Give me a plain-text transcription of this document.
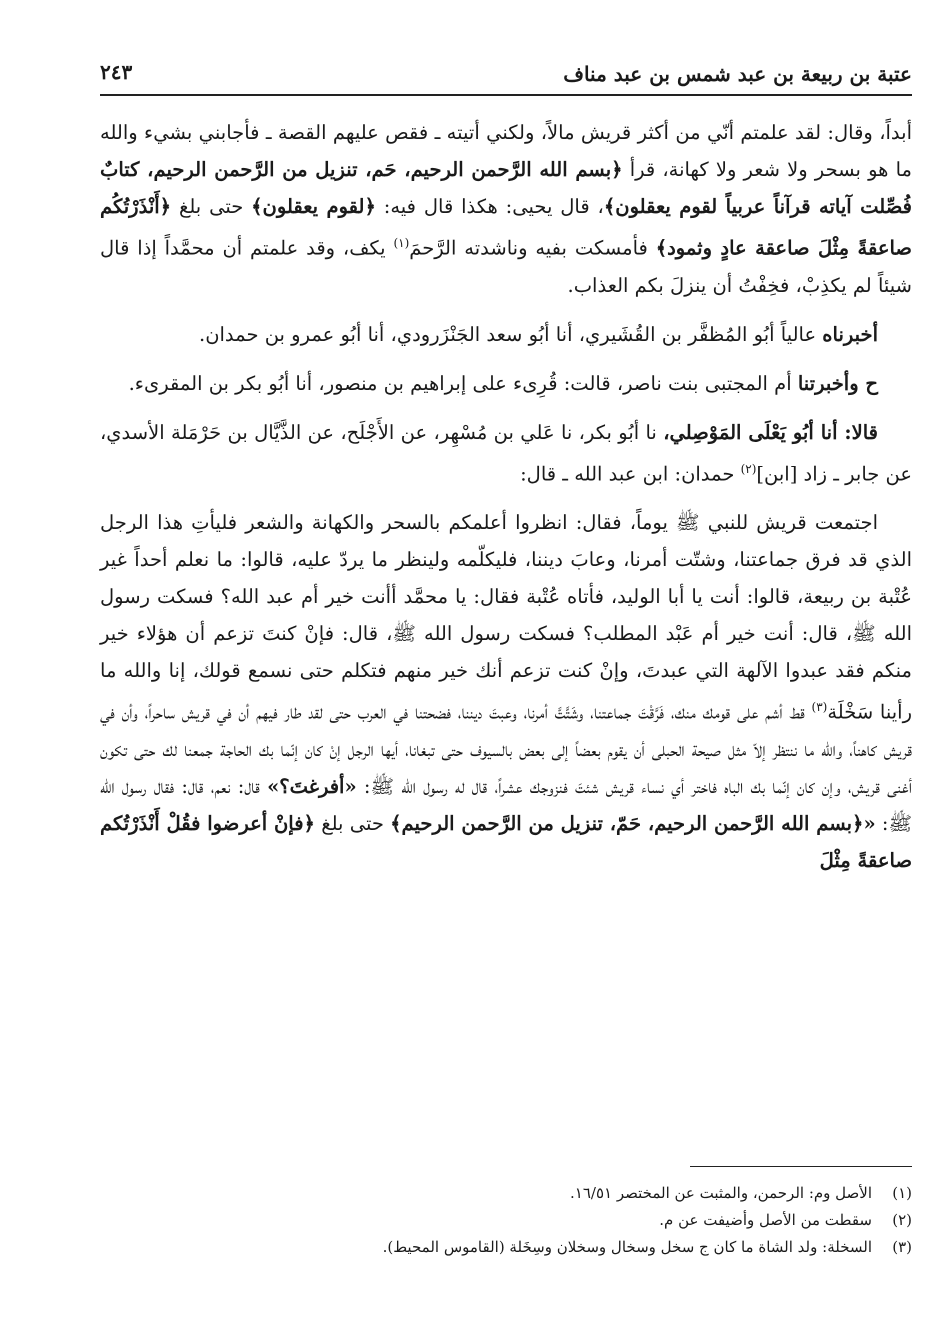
عتبة بن ربيعة بن عبد شمس بن عبد مناف
٢٤٣

أبداً، وقال: لقد علمتم أنّي من أكثر قريش مالاً، ولكني أتيته ـ فقص عليهم القصة ـ فأجابني بشيء والله ما هو بسحر ولا شعر ولا كهانة، قرأ ﴿بسم الله الرَّحمن الرحيم، حَم، تنزيل من الرَّحمن الرحيم، كتابٌ فُصِّلت آياته قرآناً عربياً لقوم يعقلون﴾، قال يحيى: هكذا قال فيه: ﴿لقوم يعقلون﴾ حتى بلغ ﴿أَنْذَرْتُكُم صاعقةً مِثْلَ صاعقة عادٍ وثمود﴾ فأمسكت بفيه وناشدته الرَّحمَ$^{(١)}$ يكف، وقد علمتم أن محمَّداً إذا قال شيئاً لم يكذِبْ، فخِفْتُ أن ينزلَ بكم العذاب.

أخبرناه عالياً أبُو المُظفَّر بن القُشَيري، أنا أبُو سعد الجَنْزَرودي، أنا أبُو عمرو بن حمدان.

ح وأخبرتنا أم المجتبى بنت ناصر، قالت: قُرِىء على إبراهيم بن منصور، أنا أبُو بكر بن المقرىء.

قالا: أنا أبُو يَعْلَى المَوْصِلي، نا أبُو بكر، نا عَلي بن مُسْهِر، عن الأَجْلَح، عن الذَّيَّال بن حَرْمَلة الأسدي، عن جابر ـ زاد [ابن]$^{(٢)}$ حمدان: ابن عبد الله ـ قال:

اجتمعت قريش للنبي ﷺ يوماً، فقال: انظروا أعلمكم بالسحر والكهانة والشعر فليأتِ هذا الرجل الذي قد فرق جماعتنا، وشتّت أمرنا، وعابَ ديننا، فليكلّمه ولينظر ما يردّ عليه، قالوا: ما نعلم أحداً غير عُتْبة بن ربيعة، قالوا: أنت يا أبا الوليد، فأتاه عُتْبة فقال: يا محمَّد أأنت خير أم عبد الله؟ فسكت رسول الله ﷺ، قال: أنت خير أم عَبْد المطلب؟ فسكت رسول الله ﷺ، قال: فإنْ كنتَ تزعم أن هؤلاء خير منكم فقد عبدوا الآلهة التي عبدتَ، وإنْ كنت تزعم أنك خير منهم فتكلم حتى نسمع قولك، إنا والله ما رأينا سَخْلَة$^{(٣)}$ قط أشم على قومك منك، فَرَّقْتَ جماعتنا، وشَتَّتَّ أمرنا، وعبتَ ديننا، فضحتنا في العرب حتى لقد طار فيهم أن في قريش ساحراً، وأن في قريش كاهناً، والله ما ننتظر إلاّ مثل صيحة الحبلى أن يقوم بعضاً إلى بعض بالسيوف حتى تبغانا، أيها الرجل إنْ كان إنّما بك الحاجة جمعنا لك حتى تكون أغنى قريش، وإن كان إنّما بك الباه فاختر أي نساء قريش شئتَ فنزوجك عشراً، قال له رسول الله ﷺ: «أفرغتَ؟» قال: نعم، قال: فقال رسول الله ﷺ: «﴿بسم الله الرَّحمن الرحيم، حَمّ، تنزيل من الرَّحمن الرحيم﴾ حتى بلغ ﴿فإنْ أعرضوا فقُلْ أَنْذَرْتُكم صاعقةً مِثْلَ

(١)الأصل وم: الرحمن، والمثبت عن المختصر ١٦/٥١.
(٢)سقطت من الأصل وأضيفت عن م.
(٣)السخلة: ولد الشاة ما كان ج سخل وسخال وسخلان وسِخَلة (القاموس المحيط).
